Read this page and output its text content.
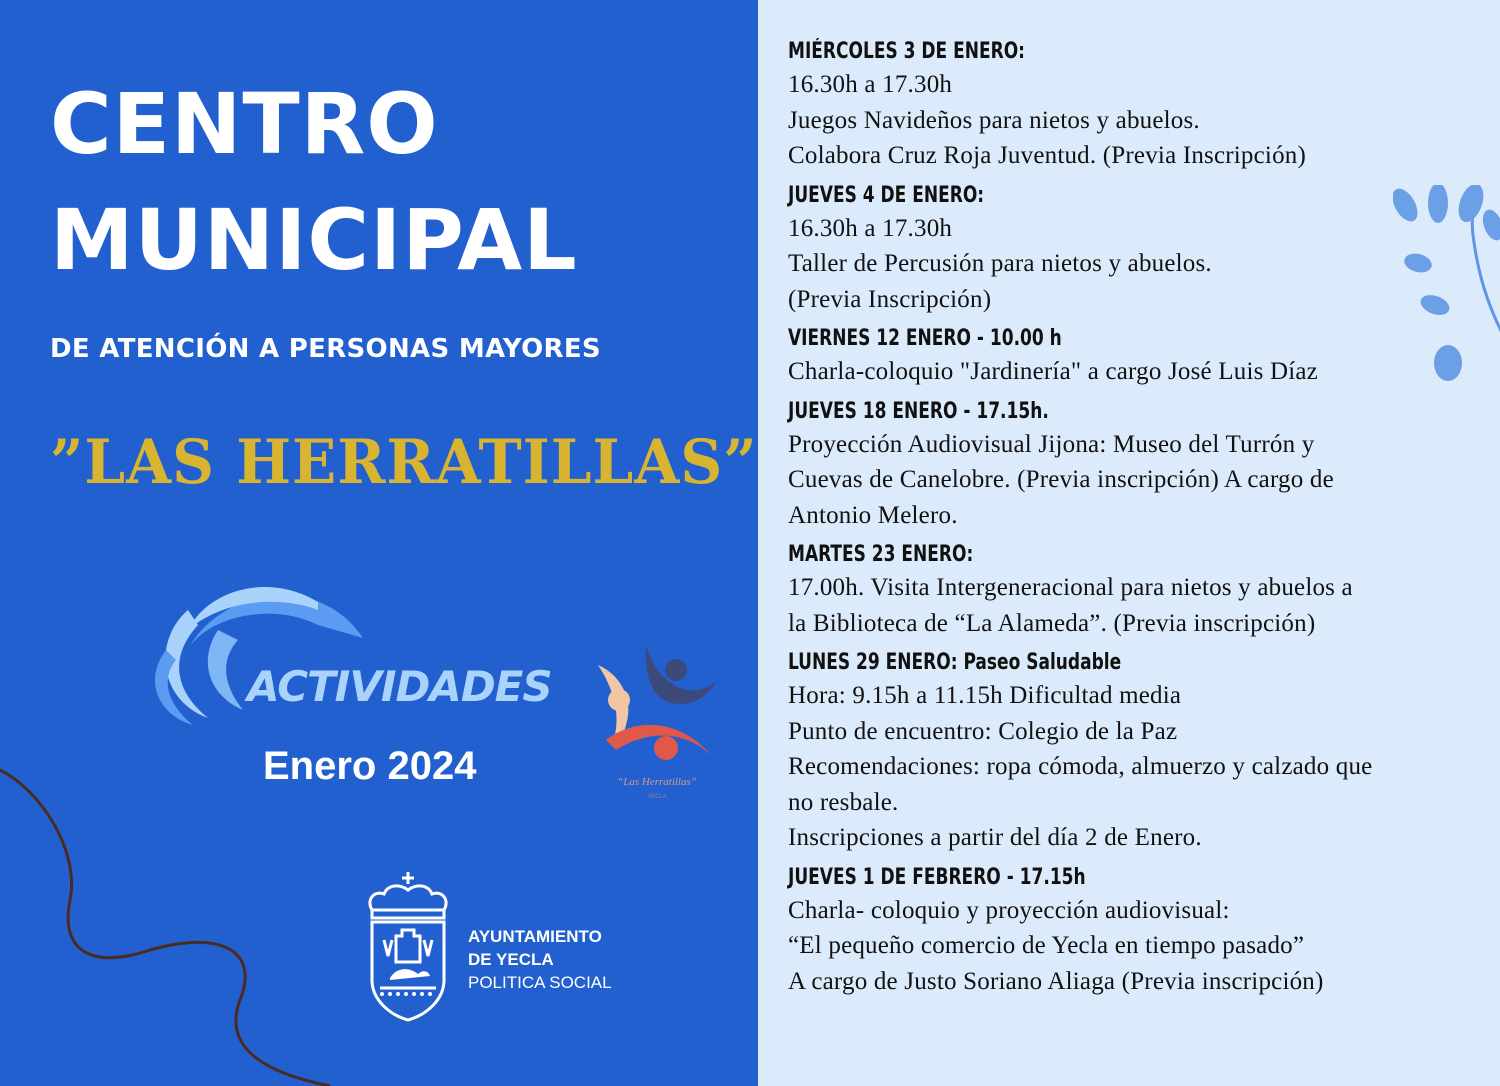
CENTRO
MUNICIPAL
DE ATENCIÓN A PERSONAS MAYORES
”LAS HERRATILLAS”
ACTIVIDADES
Enero 2024	“Las Herratillas”
YECLA
AYUNTAMIENTO
DE YECLA
POLITICA SOCIAL
MIÉRCOLES 3 DE ENERO:
16.30h a 17.30h
Juegos Navideños para nietos y abuelos.
Colabora Cruz Roja Juventud. (Previa Inscripción)
JUEVES 4 DE ENERO:
16.30h a 17.30h
Taller de Percusión para nietos y abuelos.
(Previa Inscripción)
VIERNES 12 ENERO - 10.00 h
Charla-coloquio "Jardinería" a cargo José Luis Díaz
JUEVES 18 ENERO - 17.15h.
Proyección Audiovisual Jijona: Museo del Turrón y
Cuevas de Canelobre. (Previa inscripción) A cargo de
Antonio Melero.
MARTES 23 ENERO:
17.00h. Visita Intergeneracional para nietos y abuelos a
la Biblioteca de “La Alameda”. (Previa inscripción)
LUNES 29 ENERO: Paseo Saludable
Hora: 9.15h a 11.15h Dificultad media
Punto de encuentro: Colegio de la Paz
Recomendaciones: ropa cómoda, almuerzo y calzado que
no resbale.
Inscripciones a partir del día 2 de Enero.
JUEVES 1 DE FEBRERO - 17.15h
Charla- coloquio y proyección audiovisual:
“El pequeño comercio de Yecla en tiempo pasado”
A cargo de Justo Soriano Aliaga (Previa inscripción)
